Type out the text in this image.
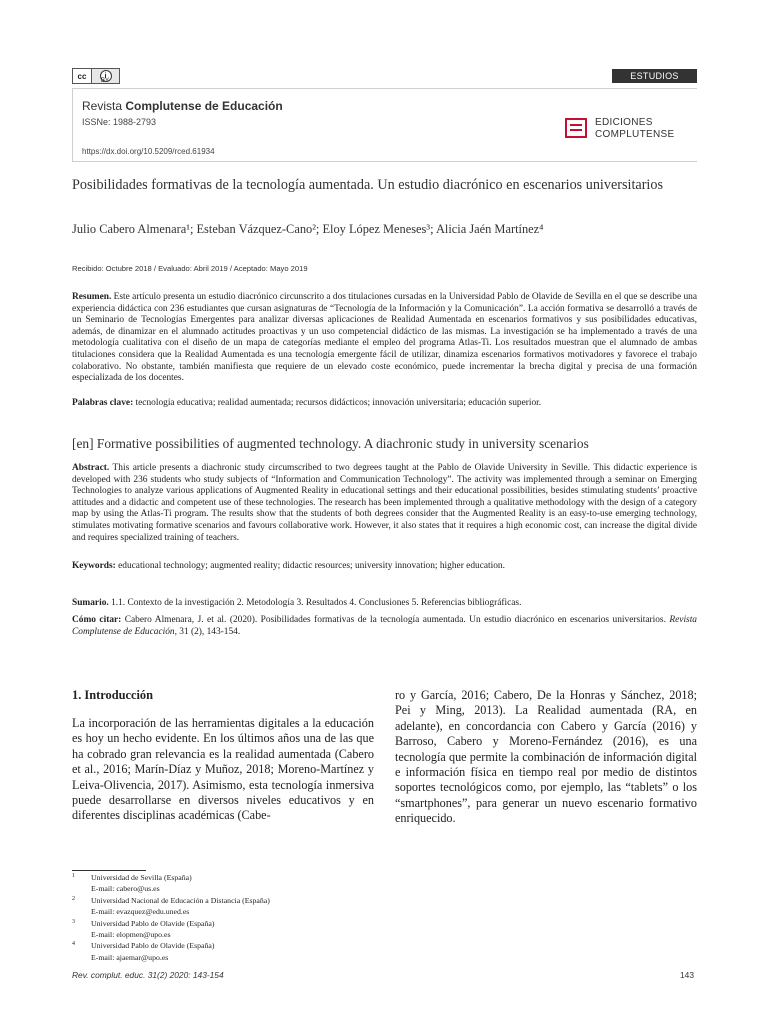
cc	i
BY	ESTUDIOS
Revista Complutense de Educación
ISSNe: 1988-2793
https://dx.doi.org/10.5209/rced.61934
EDICIONES
COMPLUTENSE
Posibilidades formativas de la tecnología aumentada. Un estudio diacrónico en escenarios universitarios
Julio Cabero Almenara¹; Esteban Vázquez-Cano²; Eloy López Meneses³; Alicia Jaén Martínez⁴
Recibido: Octubre 2018 / Evaluado: Abril 2019 / Aceptado: Mayo 2019
Resumen. Este artículo presenta un estudio diacrónico circunscrito a dos titulaciones cursadas en la Universidad Pablo de Olavide de Sevilla en el que se describe una experiencia didáctica con 236 estudiantes que cursan asignaturas de “Tecnología de la Información y la Comunicación”. La acción formativa se desarrolló a través de un Seminario de Tecnologías Emergentes para analizar diversas aplicaciones de Realidad Aumentada en escenarios formativos y sus posibilidades educativas, además, de dinamizar en el alumnado actitudes proactivas y un uso competencial didáctico de las mismas. La investigación se ha implementado a través de una metodología cualitativa con el diseño de un mapa de categorías mediante el empleo del programa Atlas-Ti. Los resultados muestran que el alumnado de ambas titulaciones considera que la Realidad Aumentada es una tecnología emergente fácil de utilizar, dinamiza escenarios formativos motivadores y favorece el trabajo colaborativo. No obstante, también manifiesta que requiere de un elevado coste económico, puede incrementar la brecha digital y precisa de una formación especializada de los docentes.
Palabras clave: tecnología educativa; realidad aumentada; recursos didácticos; innovación universitaria; educación superior.
[en] Formative possibilities of augmented technology. A diachronic study in university scenarios
Abstract. This article presents a diachronic study circumscribed to two degrees taught at the Pablo de Olavide University in Seville. This didactic experience is developed with 236 students who study subjects of “Information and Communication Technology”. The activity was implemented through a seminar on Emerging Technologies to analyze various applications of Augmented Reality in educational settings and their educational possibilities, besides stimulating students’ proactive attitudes and a didactic and competent use of these technologies. The research has been implemented through a qualitative methodology with the design of a category map by using the Atlas-Ti program. The results show that the students of both degrees consider that the Augmented Reality is an easy-to-use emerging technology, stimulates motivating formative scenarios and favours collaborative work. However, it also states that it requires a high economic cost, can increase the digital divide and requires specialized training of teachers.
Keywords: educational technology; augmented reality; didactic resources; university innovation; higher education.
Sumario. 1.1. Contexto de la investigación 2. Metodología 3. Resultados 4. Conclusiones 5. Referencias bibliográficas.
Cómo citar: Cabero Almenara, J. et al. (2020). Posibilidades formativas de la tecnología aumentada. Un estudio diacrónico en escenarios universitarios. Revista Complutense de Educación, 31 (2), 143-154.
1. Introducción
La incorporación de las herramientas digitales a la educación es hoy un hecho evidente. En los últimos años una de las que ha cobrado gran relevancia es la realidad aumentada (Cabero et al., 2016; Marín-Díaz y Muñoz, 2018; Moreno-Martínez y Leiva-Olivencia, 2017). Asimismo, esta tecnología inmersiva puede desarrollarse en diversos niveles educativos y en diferentes disciplinas académicas (Cabe-
ro y García, 2016; Cabero, De la Honras y Sánchez, 2018; Pei y Ming, 2013). La Realidad aumentada (RA, en adelante), en concordancia con Cabero y García (2016) y Barroso, Cabero y Moreno-Fernández (2016), es una tecnología que permite la combinación de información digital e información física en tiempo real por medio de distintos soportes tecnológicos como, por ejemplo, las “tablets” o los “smartphones”, para generar un nuevo escenario formativo enriquecido.
1	Universidad de Sevilla (España)
E-mail: cabero@us.es
2	Universidad Nacional de Educación a Distancia (España)
E-mail: evazquez@edu.uned.es
3	Universidad Pablo de Olavide (España)
E-mail: elopmen@upo.es
4	Universidad Pablo de Olavide (España)
E-mail: ajaemar@upo.es
Rev. complut. educ. 31(2) 2020: 143-154	143
